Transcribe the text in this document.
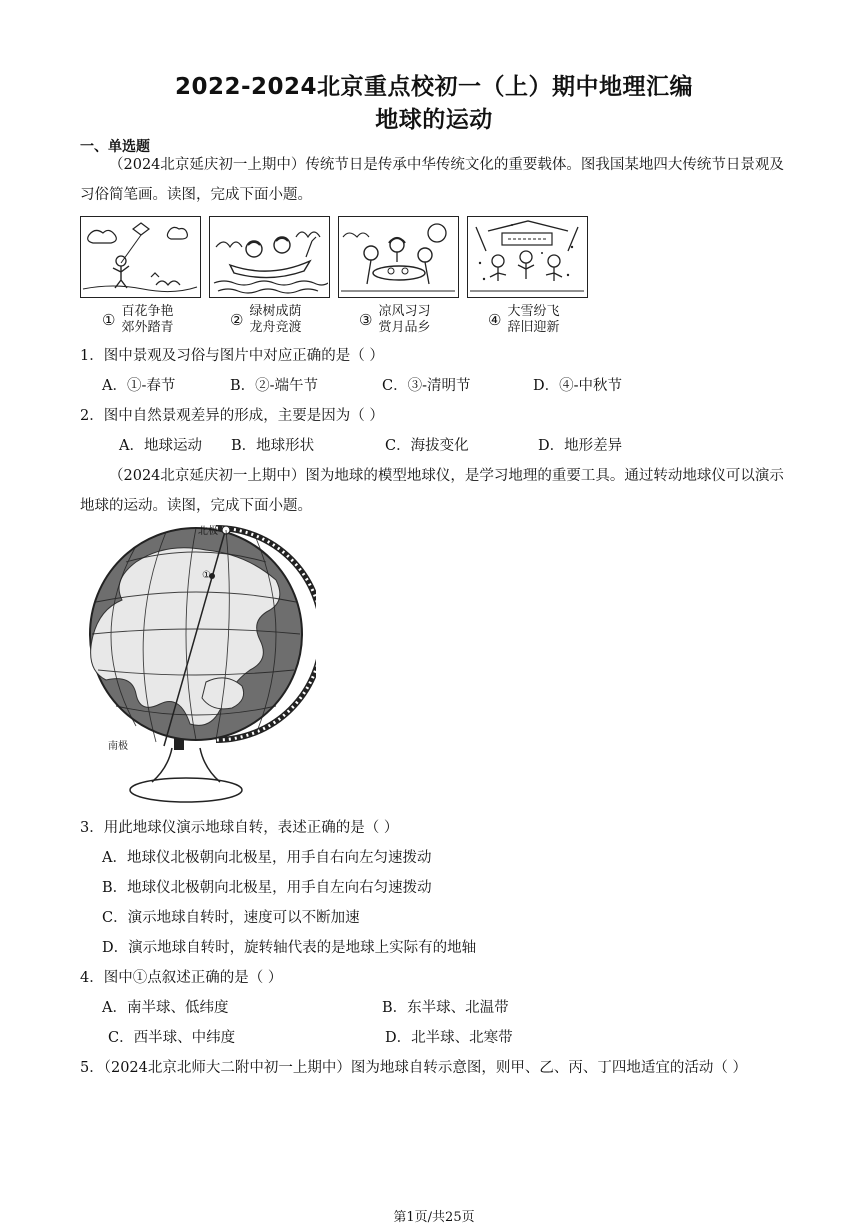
2022-2024北京重点校初一（上）期中地理汇编
地球的运动
一、单选题
（2024北京延庆初一上期中）传统节日是传承中华传统文化的重要载体。图我国某地四大传统节日景观及习俗简笔画。读图，完成下面小题。
① 百花争艳
郊外踏青	② 绿树成荫
龙舟竞渡	③ 凉风习习
赏月品乡	④ 大雪纷飞
辞旧迎新
1．图中景观及习俗与图片中对应正确的是（ ）
A．①-春节	B．②-端午节	C．③-清明节	D．④-中秋节
2．图中自然景观差异的形成，主要是因为（ ）
A．地球运动 B．地球形状	C．海拔变化	D．地形差异
（2024北京延庆初一上期中）图为地球的模型地球仪，是学习地理的重要工具。通过转动地球仪可以演示地球的运动。读图，完成下面小题。
①
北极
南极
3．用此地球仪演示地球自转，表述正确的是（ ）
A．地球仪北极朝向北极星，用手自右向左匀速拨动
B．地球仪北极朝向北极星，用手自左向右匀速拨动
C．演示地球自转时，速度可以不断加速
D．演示地球自转时，旋转轴代表的是地球上实际有的地轴
4．图中①点叙述正确的是（ ）
A．南半球、低纬度	B．东半球、北温带
C．西半球、中纬度	D．北半球、北寒带
5．（2024北京北师大二附中初一上期中）图为地球自转示意图，则甲、乙、丙、丁四地适宜的活动（ ）
第1页/共25页
